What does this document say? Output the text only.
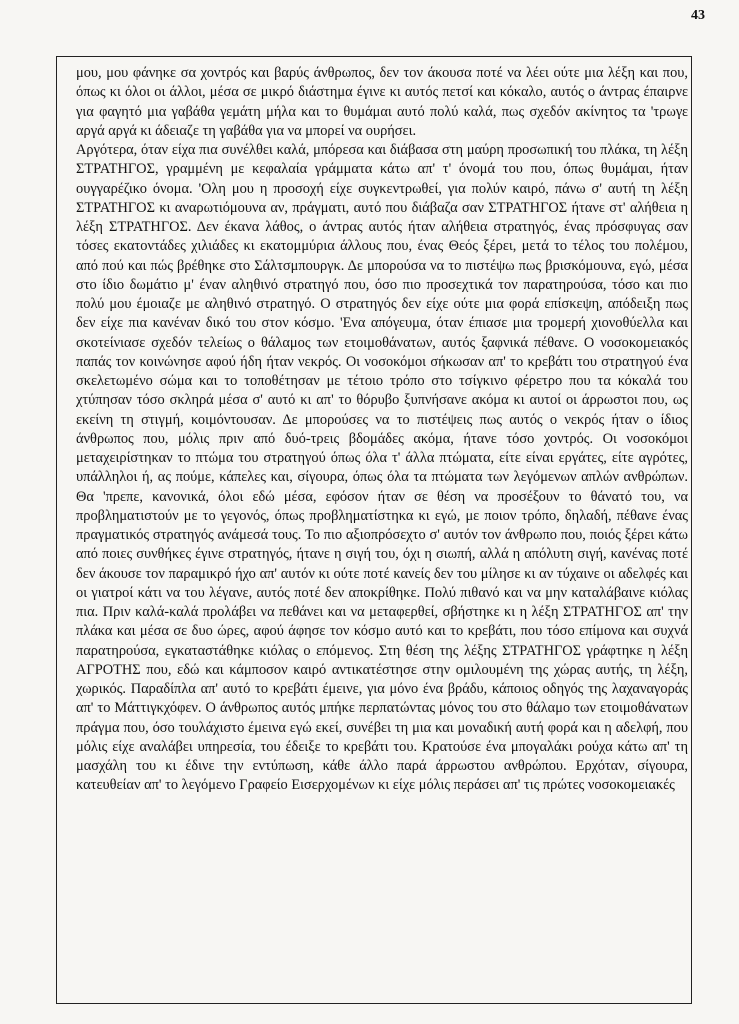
43

μου, μου φάνηκε σα χοντρός και βαρύς άνθρωπος, δεν τον άκουσα ποτέ να λέει ούτε μια λέξη και που, όπως κι όλοι οι άλλοι, μέσα σε μικρό διάστημα έγινε κι αυτός πετσί και κόκαλο, αυτός ο άντρας έπαιρνε για φαγητό μια γαβάθα γεμάτη μήλα και το θυμάμαι αυτό πολύ καλά, πως σχεδόν ακίνητος τα 'τρωγε αργά αργά κι άδειαζε τη γαβάθα για να μπορεί να ουρήσει.

Αργότερα, όταν είχα πια συνέλθει καλά, μπόρεσα και διάβασα στη μαύρη προσωπική του πλάκα, τη λέξη ΣΤΡΑΤΗΓΟΣ, γραμμένη με κεφαλαία γράμματα κάτω απ' τ' όνομά του που, όπως θυμάμαι, ήταν ουγγαρέζικο όνομα. 'Ολη μου η προσοχή είχε συγκεντρωθεί, για πολύν καιρό, πάνω σ' αυτή τη λέξη ΣΤΡΑΤΗΓΟΣ κι αναρωτιόμουνα αν, πράγματι, αυτό που διάβαζα σαν ΣΤΡΑΤΗΓΟΣ ήτανε στ' αλήθεια η λέξη ΣΤΡΑΤΗΓΟΣ. Δεν έκανα λάθος, ο άντρας αυτός ήταν αλήθεια στρατηγός, ένας πρόσφυγας σαν τόσες εκατοντάδες χιλιάδες κι εκατομμύρια άλλους που, ένας Θεός ξέρει, μετά το τέλος του πολέμου, από πού και πώς βρέθηκε στο Σάλτσμπουργκ. Δε μπορούσα να το πιστέψω πως βρισκόμουνα, εγώ, μέσα στο ίδιο δωμάτιο μ' έναν αληθινό στρατηγό που, όσο πιο προσεχτικά τον παρατηρούσα, τόσο και πιο πολύ μου έμοιαζε με αληθινό στρατηγό. Ο στρατηγός δεν είχε ούτε μια φορά επίσκεψη, απόδειξη πως δεν είχε πια κανέναν δικό του στον κόσμο. 'Ενα απόγευμα, όταν έπιασε μια τρομερή χιονοθύελλα και σκοτείνιασε σχεδόν τελείως ο θάλαμος των ετοιμοθάνατων, αυτός ξαφνικά πέθανε. Ο νοσοκομειακός παπάς τον κοινώνησε αφού ήδη ήταν νεκρός. Οι νοσοκόμοι σήκωσαν απ' το κρεβάτι του στρατηγού ένα σκελετωμένο σώμα και το τοποθέτησαν με τέτοιο τρόπο στο τσίγκινο φέρετρο που τα κόκαλά του χτύπησαν τόσο σκληρά μέσα σ' αυτό κι απ' το θόρυβο ξυπνήσανε ακόμα κι αυτοί οι άρρωστοι που, ως εκείνη τη στιγμή, κοιμόντουσαν. Δε μπορούσες να το πιστέψεις πως αυτός ο νεκρός ήταν ο ίδιος άνθρωπος που, μόλις πριν από δυό-τρεις βδομάδες ακόμα, ήτανε τόσο χοντρός. Οι νοσοκόμοι μεταχειρίστηκαν το πτώμα του στρατηγού όπως όλα τ' άλλα πτώματα, είτε είναι εργάτες, είτε αγρότες, υπάλληλοι ή, ας πούμε, κάπελες και, σίγουρα, όπως όλα τα πτώματα των λεγόμενων απλών ανθρώπων. Θα 'πρεπε, κανονικά, όλοι εδώ μέσα, εφόσον ήταν σε θέση να προσέξουν το θάνατό του, να προβληματιστούν με το γεγονός, όπως προβληματίστηκα κι εγώ, με ποιον τρόπο, δηλαδή, πέθανε ένας πραγματικός στρατηγός ανάμεσά τους. Το πιο αξιοπρόσεχτο σ' αυτόν τον άνθρωπο που, ποιός ξέρει κάτω από ποιες συνθήκες έγινε στρατηγός, ήτανε η σιγή του, όχι η σιωπή, αλλά η απόλυτη σιγή, κανένας ποτέ δεν άκουσε τον παραμικρό ήχο απ' αυτόν κι ούτε ποτέ κανείς δεν του μίλησε κι αν τύχαινε οι αδελφές και οι γιατροί κάτι να του λέγανε, αυτός ποτέ δεν αποκρίθηκε. Πολύ πιθανό και να μην καταλάβαινε κιόλας πια. Πριν καλά-καλά προλάβει να πεθάνει και να μεταφερθεί, σβήστηκε κι η λέξη ΣΤΡΑΤΗΓΟΣ απ' την πλάκα και μέσα σε δυο ώρες, αφού άφησε τον κόσμο αυτό και το κρεβάτι, που τόσο επίμονα και συχνά παρατηρούσα, εγκαταστάθηκε κιόλας ο επόμενος. Στη θέση της λέξης ΣΤΡΑΤΗΓΟΣ γράφτηκε η λέξη ΑΓΡΟΤΗΣ που, εδώ και κάμποσον καιρό αντικατέστησε στην ομιλουμένη της χώρας αυτής, τη λέξη, χωρικός. Παραδίπλα απ' αυτό το κρεβάτι έμεινε, για μόνο ένα βράδυ, κάποιος οδηγός της λαχαναγοράς απ' το Μάττιγκχόφεν. Ο άνθρωπος αυτός μπήκε περπατώντας μόνος του στο θάλαμο των ετοιμοθάνατων πράγμα που, όσο τουλάχιστο έμεινα εγώ εκεί, συνέβει τη μια και μοναδική αυτή φορά και η αδελφή, που μόλις είχε αναλάβει υπηρεσία, του έδειξε το κρεβάτι του. Κρατούσε ένα μπογαλάκι ρούχα κάτω απ' τη μασχάλη του κι έδινε την εντύπωση, κάθε άλλο παρά άρρωστου ανθρώπου. Ερχόταν, σίγουρα, κατευθείαν απ' το λεγόμενο Γραφείο Εισερχομένων κι είχε μόλις περάσει απ' τις πρώτες νοσοκομειακές
